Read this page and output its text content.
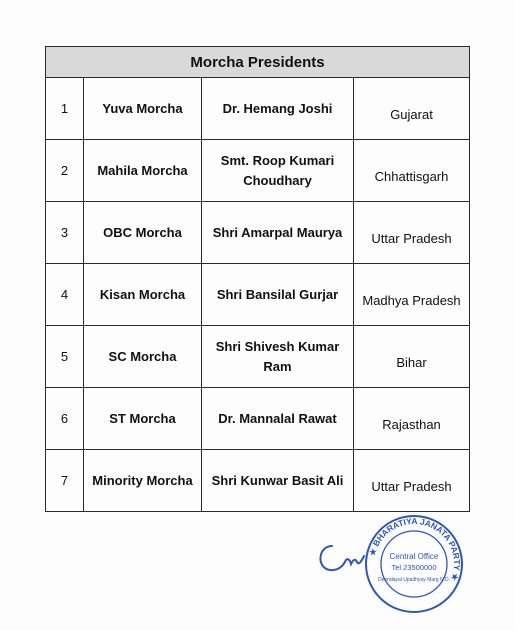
Morcha Presidents			
1	Yuva Morcha	Dr. Hemang Joshi	Gujarat
2	Mahila Morcha	Smt. Roop Kumari Choudhary	Chhattisgarh
3	OBC Morcha	Shri Amarpal Maurya	Uttar Pradesh
4	Kisan Morcha	Shri Bansilal Gurjar	Madhya Pradesh
5	SC Morcha	Shri Shivesh Kumar Ram	Bihar
6	ST Morcha	Dr. Mannalal Rawat	Rajasthan
7	Minority Morcha	Shri Kunwar Basit Ali	Uttar Pradesh
★ BHARATIYA JANATA PARTY ★
Central Office
Tel 23500000
Deendayal Upadhyay Marg N.D.
